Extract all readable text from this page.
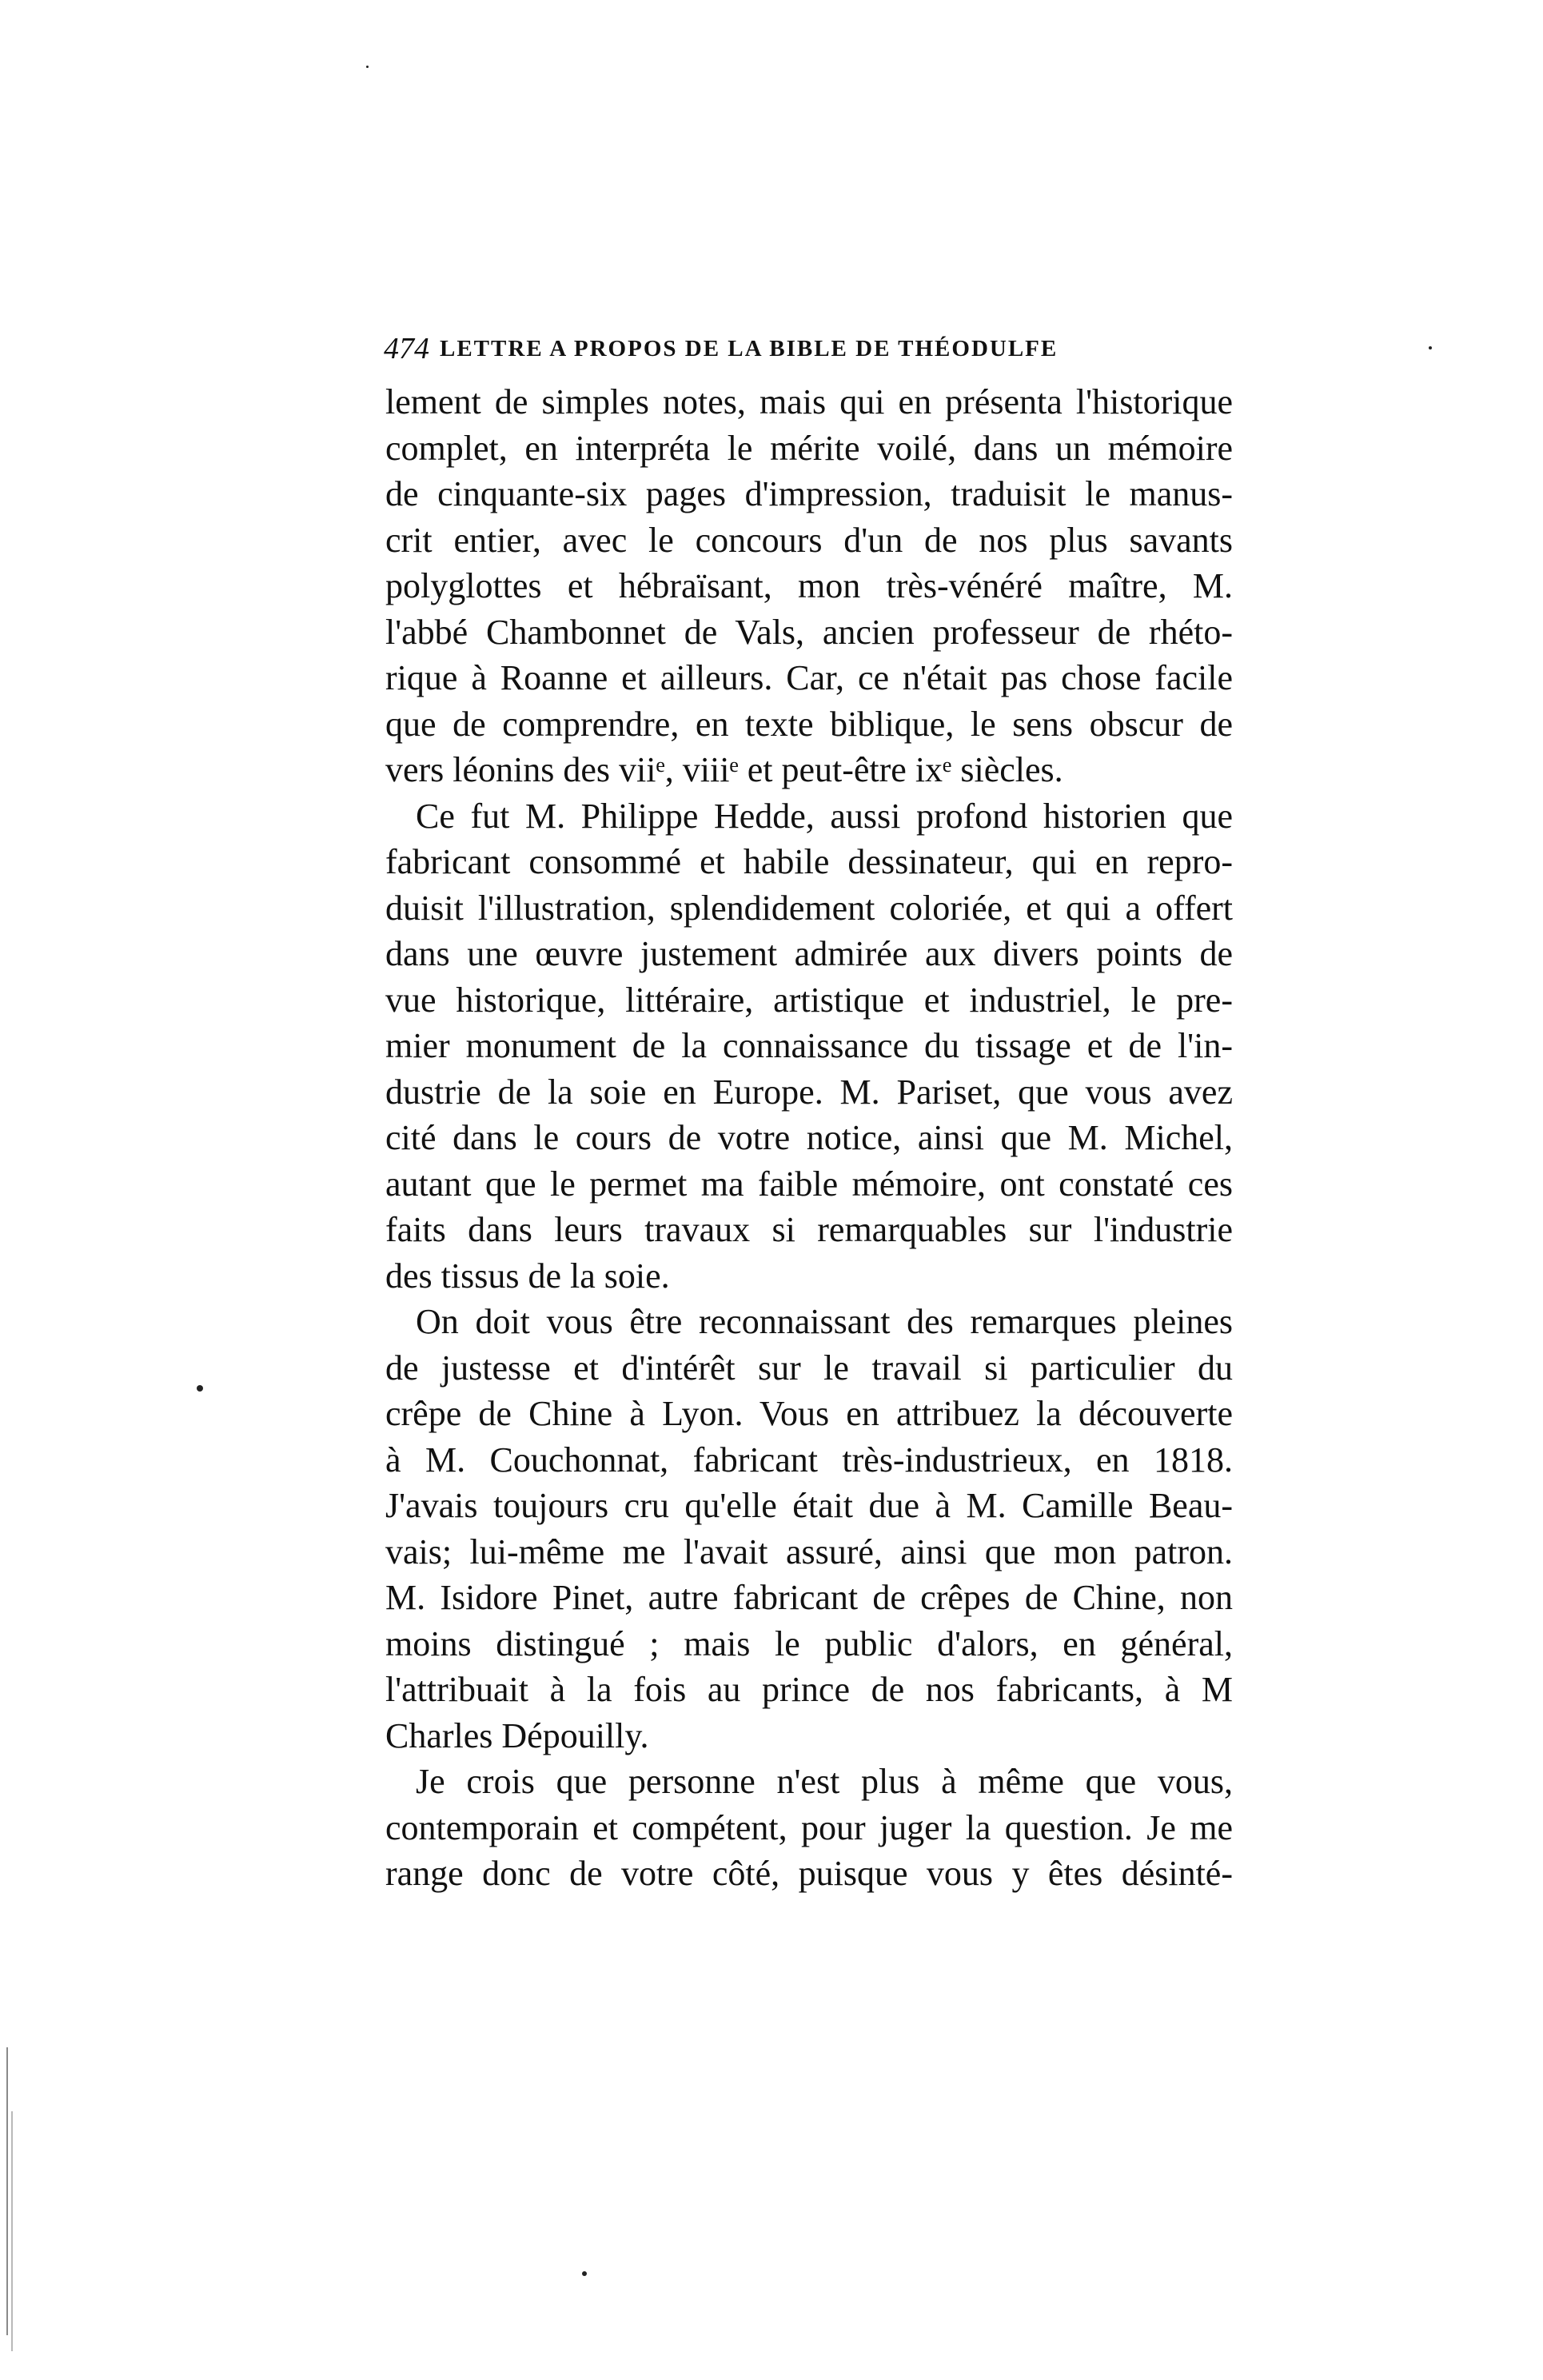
474 LETTRE A PROPOS DE LA BIBLE DE THÉODULFE
lement de simples notes, mais qui en présenta l'historique
complet, en interpréta le mérite voilé, dans un mémoire
de cinquante-six pages d'impression, traduisit le manus-
crit entier, avec le concours d'un de nos plus savants
polyglottes et hébraïsant, mon très-vénéré maître, M.
l'abbé Chambonnet de Vals, ancien professeur de rhéto-
rique à Roanne et ailleurs. Car, ce n'était pas chose facile
que de comprendre, en texte biblique, le sens obscur de
vers léonins des viiᵉ, viiiᵉ et peut-être ixᵉ siècles.
Ce fut M. Philippe Hedde, aussi profond historien que
fabricant consommé et habile dessinateur, qui en repro-
duisit l'illustration, splendidement coloriée, et qui a offert
dans une œuvre justement admirée aux divers points de
vue historique, littéraire, artistique et industriel, le pre-
mier monument de la connaissance du tissage et de l'in-
dustrie de la soie en Europe. M. Pariset, que vous avez
cité dans le cours de votre notice, ainsi que M. Michel,
autant que le permet ma faible mémoire, ont constaté ces
faits dans leurs travaux si remarquables sur l'industrie
des tissus de la soie.
On doit vous être reconnaissant des remarques pleines
de justesse et d'intérêt sur le travail si particulier du
crêpe de Chine à Lyon. Vous en attribuez la découverte
à M. Couchonnat, fabricant très-industrieux, en 1818.
J'avais toujours cru qu'elle était due à M. Camille Beau-
vais; lui-même me l'avait assuré, ainsi que mon patron.
M. Isidore Pinet, autre fabricant de crêpes de Chine, non
moins distingué ; mais le public d'alors, en général,
l'attribuait à la fois au prince de nos fabricants, à M
Charles Dépouilly.
Je crois que personne n'est plus à même que vous,
contemporain et compétent, pour juger la question. Je me
range donc de votre côté, puisque vous y êtes désinté-
